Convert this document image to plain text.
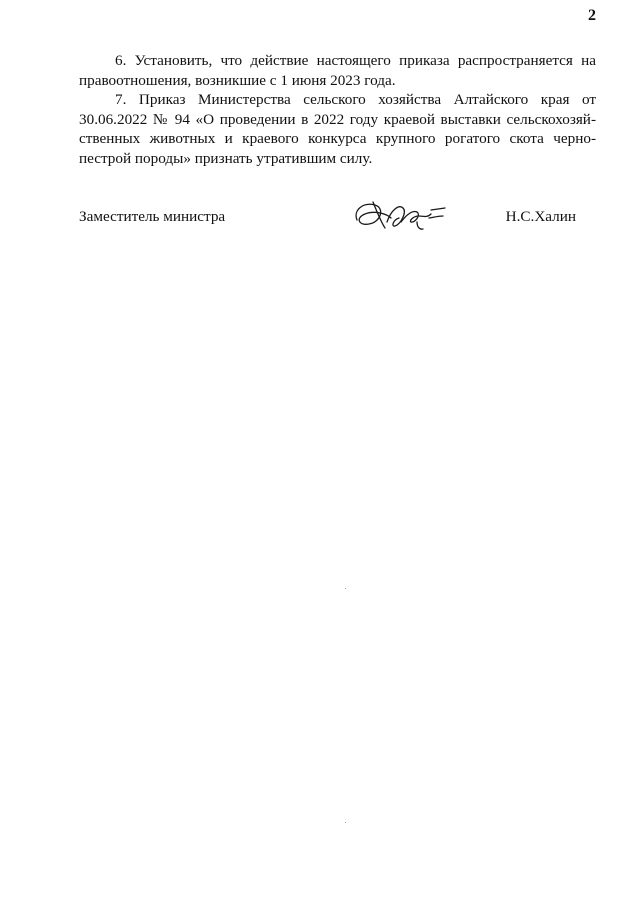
2

6. Установить, что действие настоящего приказа распространяется на правоотношения, возникшие с 1 июня 2023 года.

7. Приказ Министерства сельского хозяйства Алтайского края от 30.06.2022 № 94 «О проведении в 2022 году краевой выставки сельскохозяйственных животных и краевого конкурса крупного рогатого скота чернопестрой породы» признать утратившим силу.

Заместитель министра	Н.С.Халин
